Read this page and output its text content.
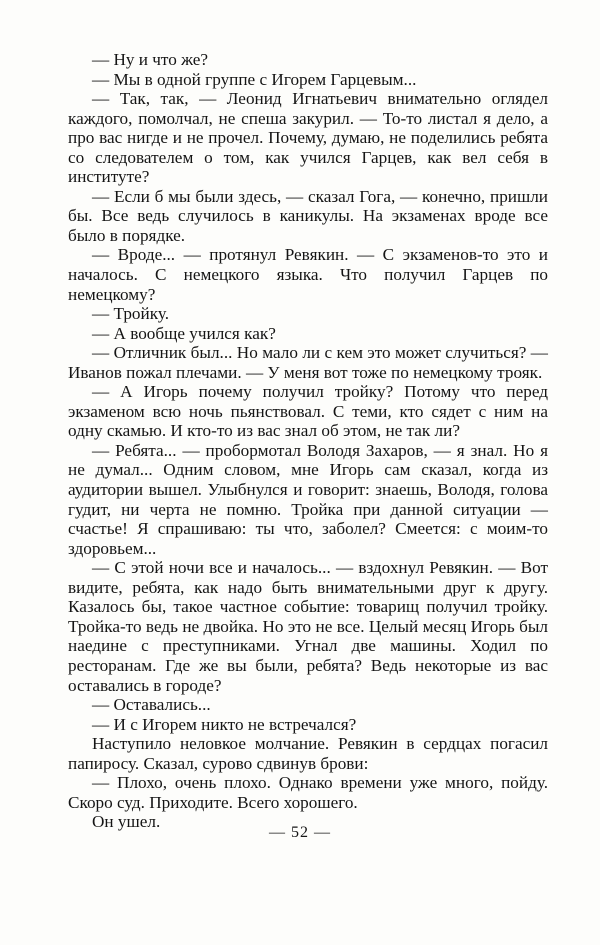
— Ну и что же?

— Мы в одной группе с Игорем Гарцевым...

— Так, так, — Леонид Игнатьевич внимательно оглядел каждого, помолчал, не спеша закурил. — То-то листал я дело, а про вас нигде и не прочел. Почему, думаю, не поделились ребята со следователем о том, как учился Гарцев, как вел себя в институте?

— Если б мы были здесь, — сказал Гога, — конечно, пришли бы. Все ведь случилось в каникулы. На экзаменах вроде все было в порядке.

— Вроде... — протянул Ревякин. — С экзаменов-то это и началось. С немецкого языка. Что получил Гарцев по немецкому?

— Тройку.

— А вообще учился как?

— Отличник был... Но мало ли с кем это может случиться? — Иванов пожал плечами. — У меня вот тоже по немецкому трояк.

— А Игорь почему получил тройку? Потому что перед экзаменом всю ночь пьянствовал. С теми, кто сядет с ним на одну скамью. И кто-то из вас знал об этом, не так ли?

— Ребята... — пробормотал Володя Захаров, — я знал. Но я не думал... Одним словом, мне Игорь сам сказал, когда из аудитории вышел. Улыбнулся и говорит: знаешь, Володя, голова гудит, ни черта не помню. Тройка при данной ситуации — счастье! Я спрашиваю: ты что, заболел? Смеется: с моим-то здоровьем...

— С этой ночи все и началось... — вздохнул Ревякин. — Вот видите, ребята, как надо быть внимательными друг к другу. Казалось бы, такое частное событие: товарищ получил тройку. Тройка-то ведь не двойка. Но это не все. Целый месяц Игорь был наедине с преступниками. Угнал две машины. Ходил по ресторанам. Где же вы были, ребята? Ведь некоторые из вас оставались в городе?

— Оставались...

— И с Игорем никто не встречался?

Наступило неловкое молчание. Ревякин в сердцах погасил папиросу. Сказал, сурово сдвинув брови:

— Плохо, очень плохо. Однако времени уже много, пойду. Скоро суд. Приходите. Всего хорошего.

Он ушел.

— 52 —
